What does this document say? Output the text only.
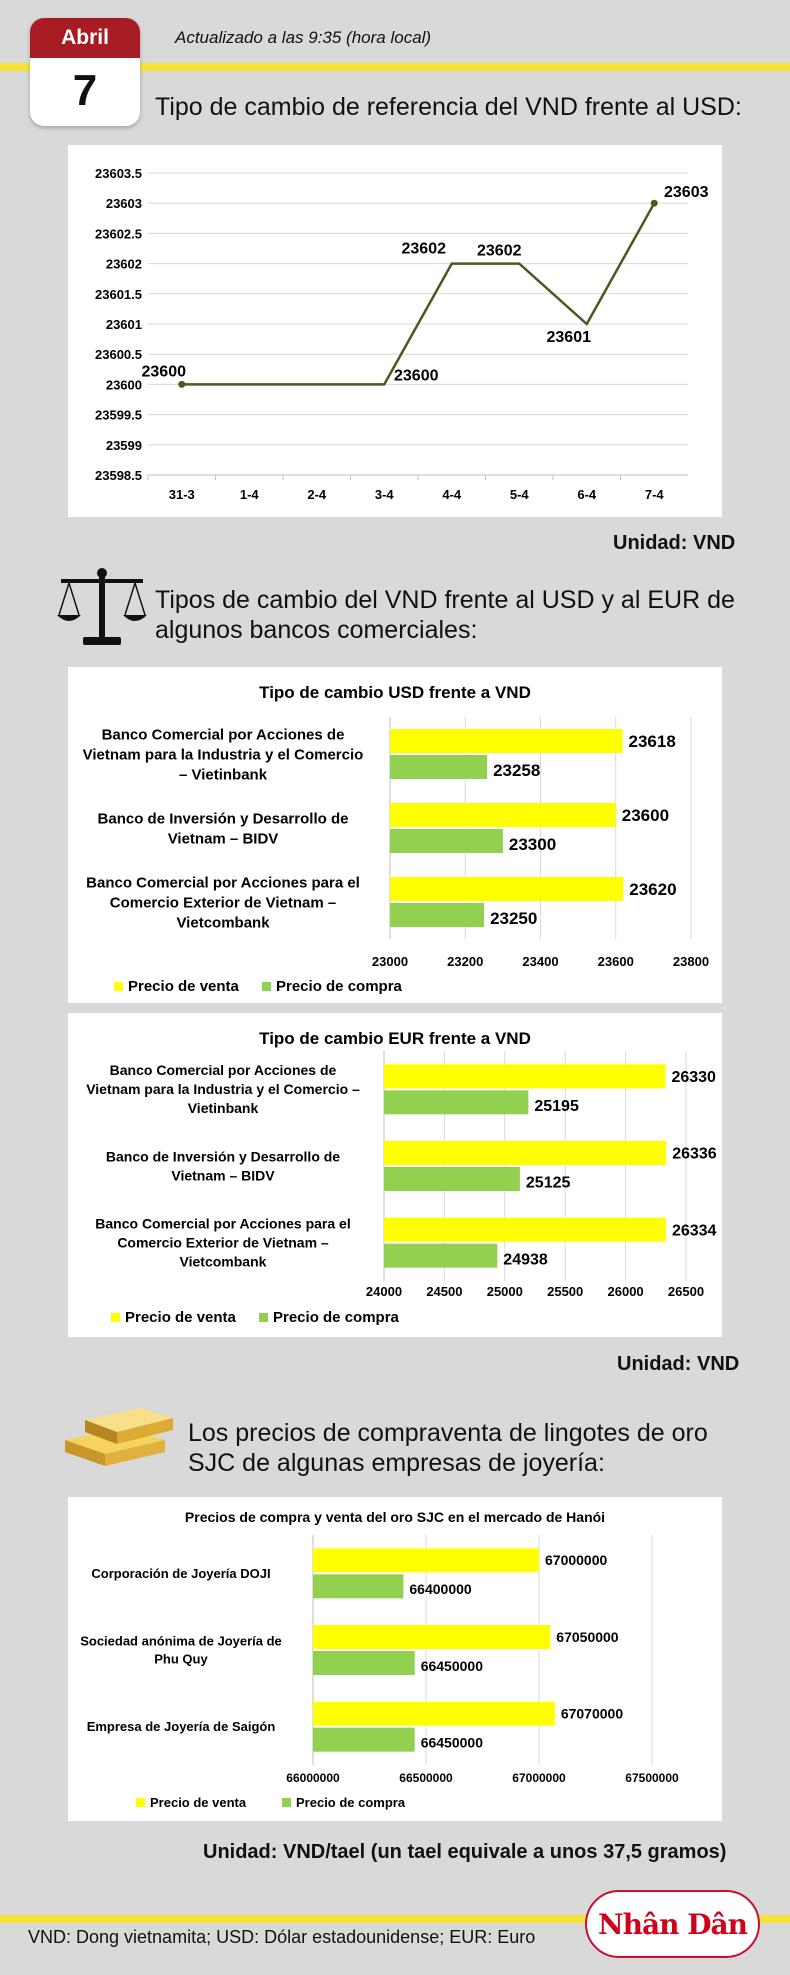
Abril
7
Actualizado a las 9:35 (hora local)
Tipo de cambio de referencia del VND frente al USD:
23603.5
23603
23602.5
23602
23601.5
23601
23600.5
23600
23599.5
23599
23598.5
31-3	1-4	2-4	3-4	4-4	5-4	6-4	7-4
23600	23600
23602 23602
23601
23603
Unidad: VND
Tipos de cambio del VND frente al USD y al EUR de
algunos bancos comerciales:
Tipo de cambio USD frente a VND
23000	23200	23400	23600	23800
23618
23258
Banco Comercial por Acciones de
Vietnam para la Industria y el Comercio
– Vietinbank
23600
23300
Banco de Inversión y Desarrollo de
Vietnam – BIDV
23620
23250
Banco Comercial por Acciones para el
Comercio Exterior de Vietnam –
Vietcombank
Precio de venta Precio de compra
Tipo de cambio EUR frente a VND
24000 24500 25000 25500 26000 26500
26330
25195
Banco Comercial por Acciones de
Vietnam para la Industria y el Comercio –
Vietinbank
26336
25125
Banco de Inversión y Desarrollo de
Vietnam – BIDV
26334
24938
Banco Comercial por Acciones para el
Comercio Exterior de Vietnam –
Vietcombank
Precio de venta Precio de compra
Unidad: VND
Los precios de compraventa de lingotes de oro
SJC de algunas empresas de joyería:
Precios de compra y venta del oro SJC en el mercado de Hanói
66000000	66500000	67000000	67500000
67000000
66400000
Corporación de Joyería DOJI
67050000
66450000
Sociedad anónima de Joyería de
Phu Quy
67070000
66450000
Empresa de Joyería de Saigón
Precio de venta	Precio de compra
Unidad: VND/tael (un tael equivale a unos 37,5 gramos)
VND: Dong vietnamita; USD: Dólar estadounidense; EUR: Euro Nhân Dân
